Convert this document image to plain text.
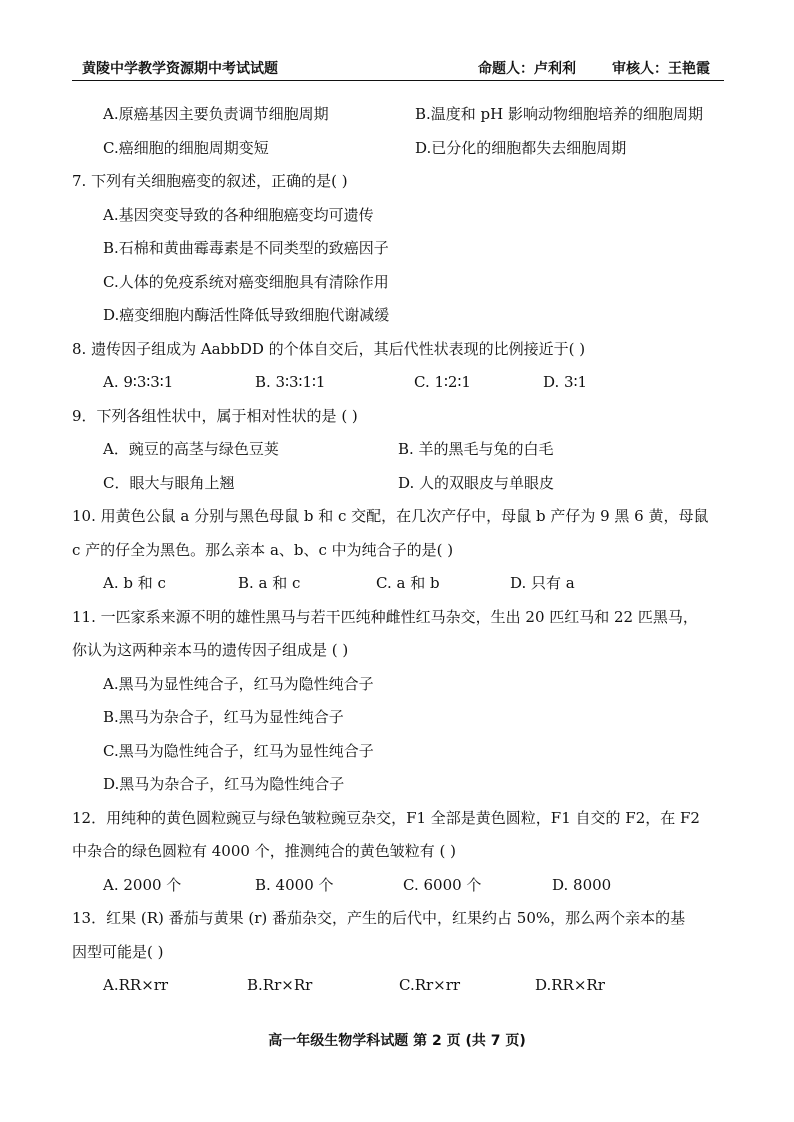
黄陵中学教学资源期中考试试题	命题人：卢利利	审核人：王艳霞
A.原癌基因主要负责调节细胞周期	B.温度和 pH 影响动物细胞培养的细胞周期
C.癌细胞的细胞周期变短	D.已分化的细胞都失去细胞周期
7. 下列有关细胞癌变的叙述，正确的是( )
A.基因突变导致的各种细胞癌变均可遗传
B.石棉和黄曲霉毒素是不同类型的致癌因子
C.人体的免疫系统对癌变细胞具有清除作用
D.癌变细胞内酶活性降低导致细胞代谢减缓
8. 遗传因子组成为 AabbDD 的个体自交后，其后代性状表现的比例接近于( )
A. 9∶3∶3∶1	B. 3∶3∶1∶1	C. 1∶2∶1	D. 3∶1
9．下列各组性状中，属于相对性状的是 ( )
A．豌豆的高茎与绿色豆荚	B. 羊的黑毛与兔的白毛
C．眼大与眼角上翘	D. 人的双眼皮与单眼皮
10. 用黄色公鼠 a 分别与黑色母鼠 b 和 c 交配，在几次产仔中，母鼠 b 产仔为 9 黑 6 黄，母鼠
c 产的仔全为黑色。那么亲本 a、b、c 中为纯合子的是( )
A. b 和 c	B. a 和 c	C. a 和 b	D. 只有 a
11. 一匹家系来源不明的雄性黑马与若干匹纯种雌性红马杂交，生出 20 匹红马和 22 匹黑马，
你认为这两种亲本马的遗传因子组成是 ( )
A.黑马为显性纯合子，红马为隐性纯合子
B.黑马为杂合子，红马为显性纯合子
C.黑马为隐性纯合子，红马为显性纯合子
D.黑马为杂合子，红马为隐性纯合子
12．用纯种的黄色圆粒豌豆与绿色皱粒豌豆杂交，F1 全部是黄色圆粒，F1 自交的 F2，在 F2
中杂合的绿色圆粒有 4000 个，推测纯合的黄色皱粒有 ( )
A. 2000 个	B. 4000 个	C. 6000 个	D. 8000
13．红果 (R) 番茄与黄果 (r) 番茄杂交，产生的后代中，红果约占 50%，那么两个亲本的基
因型可能是( )
A.RR×rr	B.Rr×Rr	C.Rr×rr	D.RR×Rr
高一年级生物学科试题 第 2 页 (共 7 页)
